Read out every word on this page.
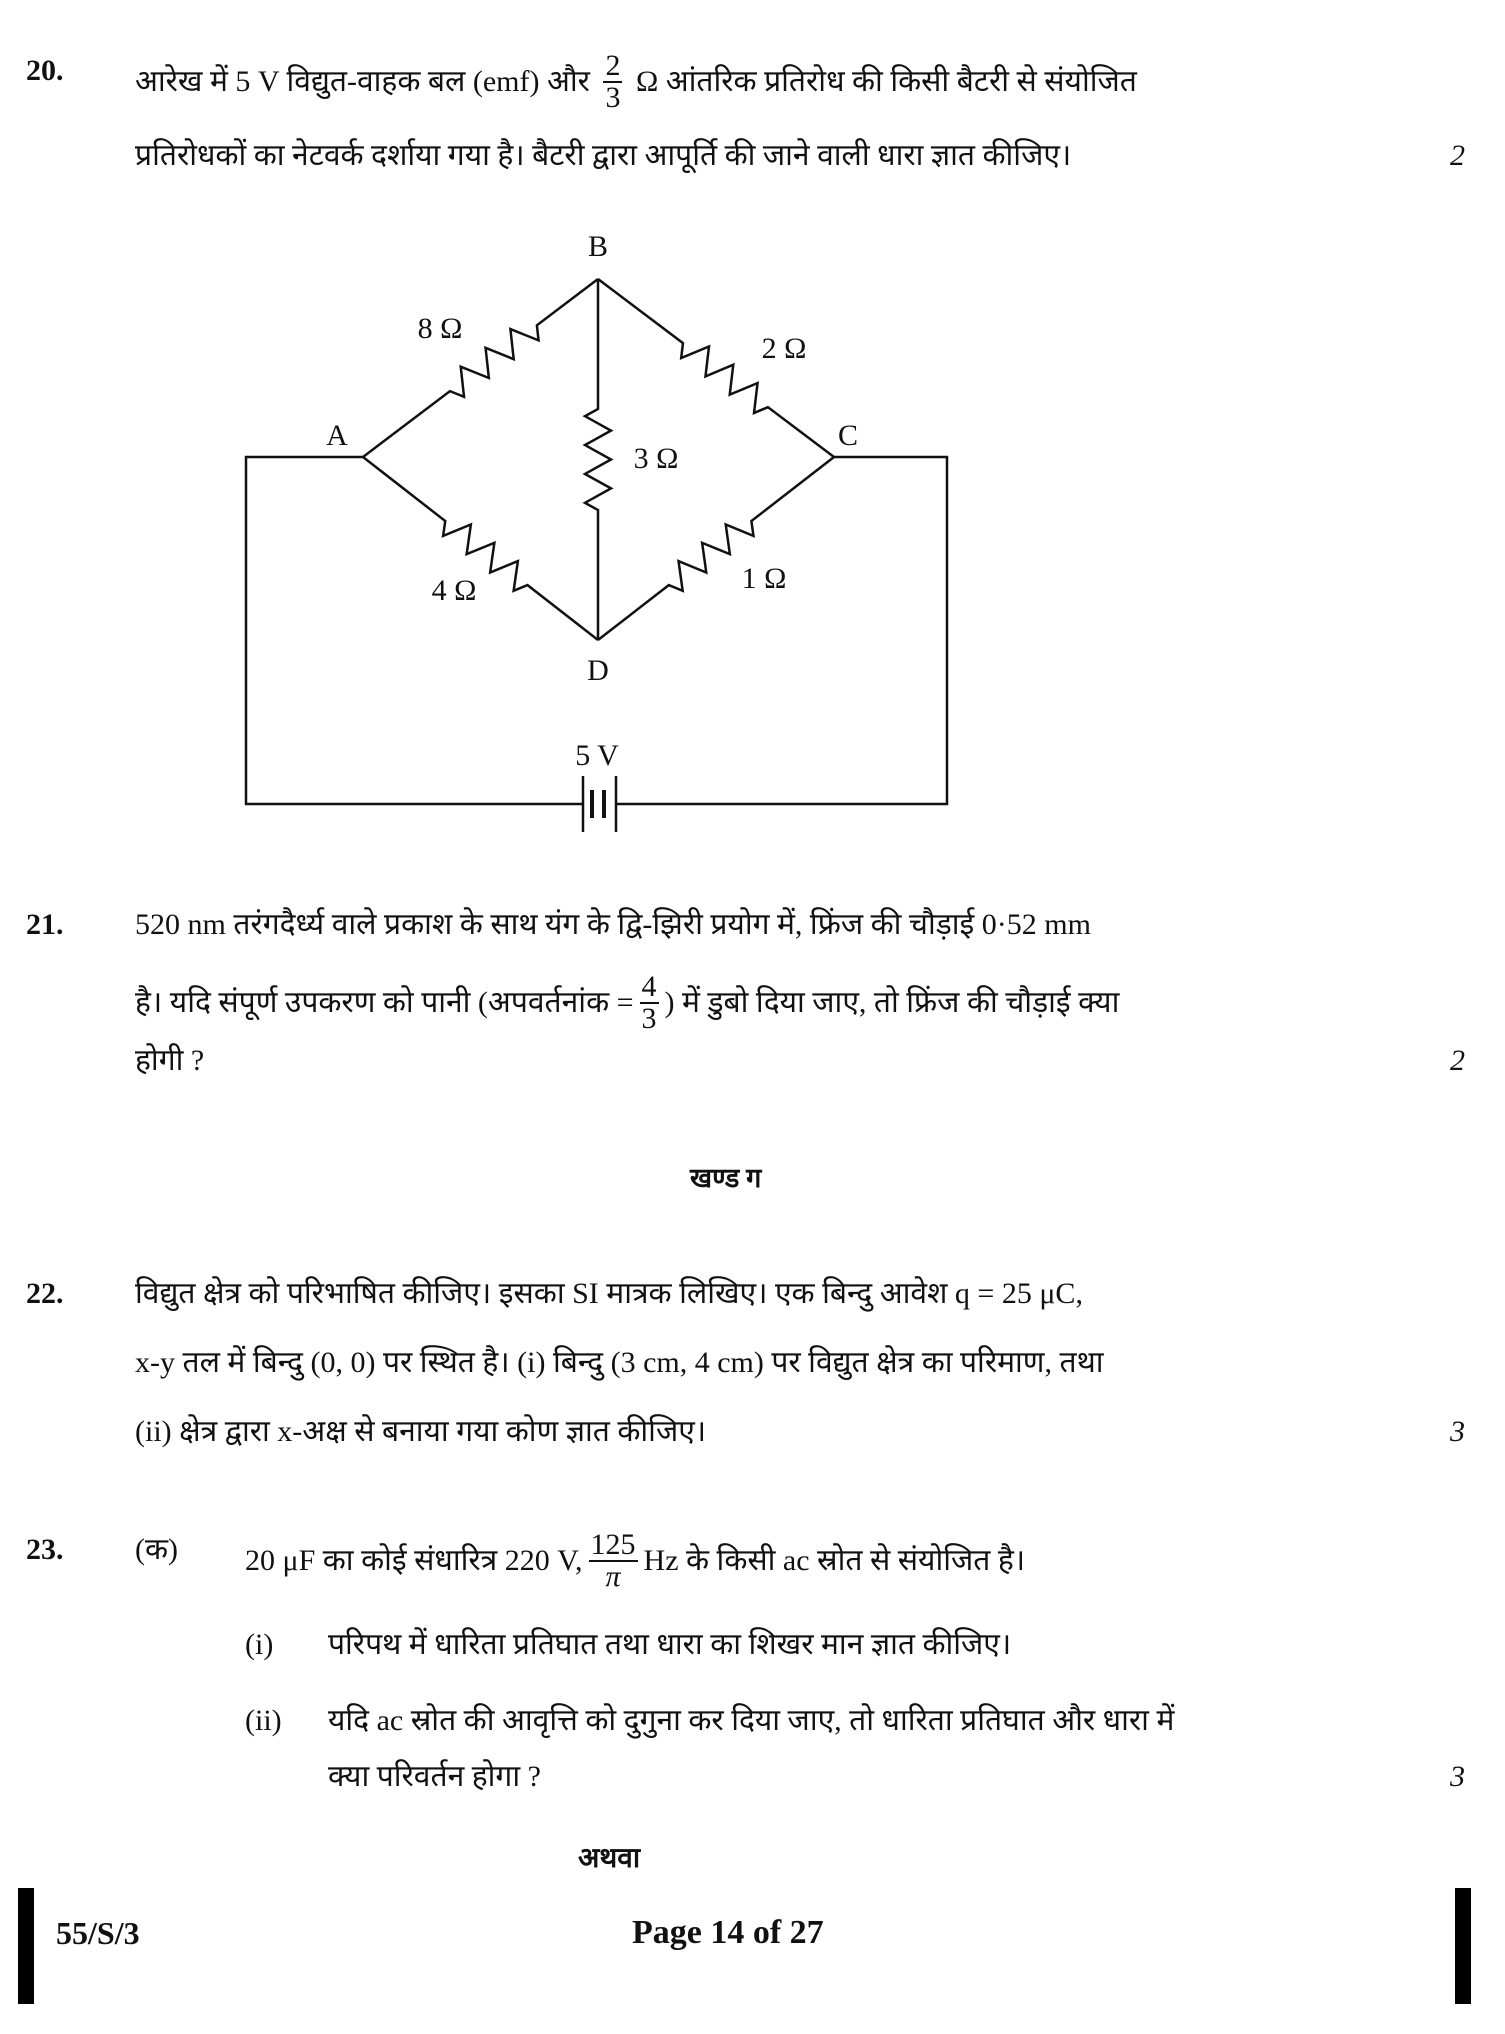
20. आरेख में 5 V विद्युत-वाहक बल (emf) और $\frac{2}{3}$ Ω आंतरिक प्रतिरोध की किसी बैटरी से संयोजित
प्रतिरोधकों का नेटवर्क दर्शाया गया है। बैटरी द्वारा आपूर्ति की जाने वाली धारा ज्ञात कीजिए।	2
B
A	C
D
8 Ω
2 Ω
3 Ω
4 Ω	1 Ω
5 V
21. 520 nm तरंगदैर्ध्य वाले प्रकाश के साथ यंग के द्वि-झिरी प्रयोग में, फ्रिंज की चौड़ाई 0·52 mm
है। यदि संपूर्ण उपकरण को पानी (अपवर्तनांक = $\frac{4}{3}$ ) में डुबो दिया जाए, तो फ्रिंज की चौड़ाई क्या
होगी ?	2
खण्ड ग
22. विद्युत क्षेत्र को परिभाषित कीजिए। इसका SI मात्रक लिखिए। एक बिन्दु आवेश q = 25 μC,
x-y तल में बिन्दु (0, 0) पर स्थित है। (i) बिन्दु (3 cm, 4 cm) पर विद्युत क्षेत्र का परिमाण, तथा
(ii) क्षेत्र द्वारा x-अक्ष से बनाया गया कोण ज्ञात कीजिए।	3
23. (क) 20 μF का कोई संधारित्र 220 V, $\frac{125}{\pi}$ Hz के किसी ac स्रोत से संयोजित है।
(i) परिपथ में धारिता प्रतिघात तथा धारा का शिखर मान ज्ञात कीजिए।
(ii) यदि ac स्रोत की आवृत्ति को दुगुना कर दिया जाए, तो धारिता प्रतिघात और धारा में
क्या परिवर्तन होगा ?	3
अथवा
55/S/3	Page 14 of 27
